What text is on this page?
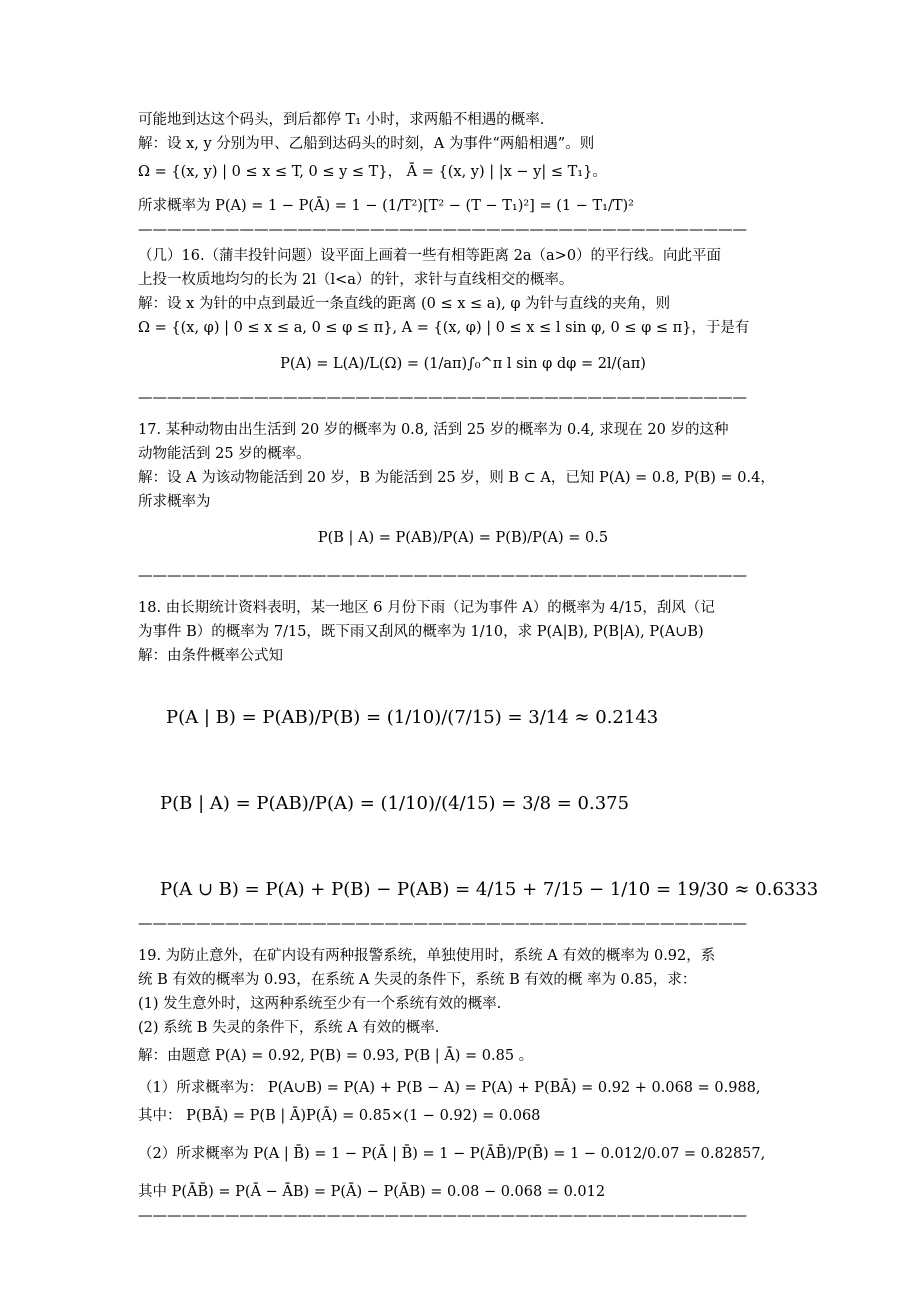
可能地到达这个码头，到后都停 T₁ 小时，求两船不相遇的概率.
解：设 x, y 分别为甲、乙船到达码头的时刻，A 为事件“两船相遇”。则
Ω = {(x, y) | 0 ≤ x ≤ T, 0 ≤ y ≤ T}， Ā = {(x, y) | |x − y| ≤ T₁}。
所求概率为 P(A) = 1 − P(Ā) = 1 − (1/T²)[T² − (T − T₁)²] = (1 − T₁/T)²
——————————————————————————————————————————
（几）16.（蒲丰投针问题）设平面上画着一些有相等距离 2a（a>0）的平行线。向此平面
上投一枚质地均匀的长为 2l（l<a）的针，求针与直线相交的概率。
解：设 x 为针的中点到最近一条直线的距离 (0 ≤ x ≤ a), φ 为针与直线的夹角，则
Ω = {(x, φ) | 0 ≤ x ≤ a, 0 ≤ φ ≤ π}, A = {(x, φ) | 0 ≤ x ≤ l sin φ, 0 ≤ φ ≤ π}，于是有
P(A) = L(A)/L(Ω) = (1/aπ)∫₀^π l sin φ dφ = 2l/(aπ)
——————————————————————————————————————————
17. 某种动物由出生活到 20 岁的概率为 0.8, 活到 25 岁的概率为 0.4, 求现在 20 岁的这种
动物能活到 25 岁的概率。
解：设 A 为该动物能活到 20 岁，B 为能活到 25 岁，则 B ⊂ A，已知 P(A) = 0.8, P(B) = 0.4，
所求概率为
P(B | A) = P(AB)/P(A) = P(B)/P(A) = 0.5
——————————————————————————————————————————
18. 由长期统计资料表明，某一地区 6 月份下雨（记为事件 A）的概率为 4/15，刮风（记
为事件 B）的概率为 7/15，既下雨又刮风的概率为 1/10，求 P(A|B), P(B|A), P(A∪B)
解：由条件概率公式知
P(A | B) = P(AB)/P(B) = (1/10)/(7/15) = 3/14 ≈ 0.2143
P(B | A) = P(AB)/P(A) = (1/10)/(4/15) = 3/8 = 0.375
P(A ∪ B) = P(A) + P(B) − P(AB) = 4/15 + 7/15 − 1/10 = 19/30 ≈ 0.6333
——————————————————————————————————————————
19. 为防止意外，在矿内设有两种报警系统，单独使用时，系统 A 有效的概率为 0.92，系
统 B 有效的概率为 0.93，在系统 A 失灵的条件下，系统 B 有效的概 率为 0.85，求：
(1) 发生意外时，这两种系统至少有一个系统有效的概率.
(2) 系统 B 失灵的条件下，系统 A 有效的概率.
解：由题意 P(A) = 0.92, P(B) = 0.93, P(B | Ā) = 0.85 。
（1）所求概率为： P(A∪B) = P(A) + P(B − A) = P(A) + P(BĀ) = 0.92 + 0.068 = 0.988,
其中： P(BĀ) = P(B | Ā)P(Ā) = 0.85×(1 − 0.92) = 0.068
（2）所求概率为 P(A | B̄) = 1 − P(Ā | B̄) = 1 − P(ĀB̄)/P(B̄) = 1 − 0.012/0.07 = 0.82857,
其中 P(ĀB̄) = P(Ā − ĀB) = P(Ā) − P(ĀB) = 0.08 − 0.068 = 0.012
——————————————————————————————————————————
